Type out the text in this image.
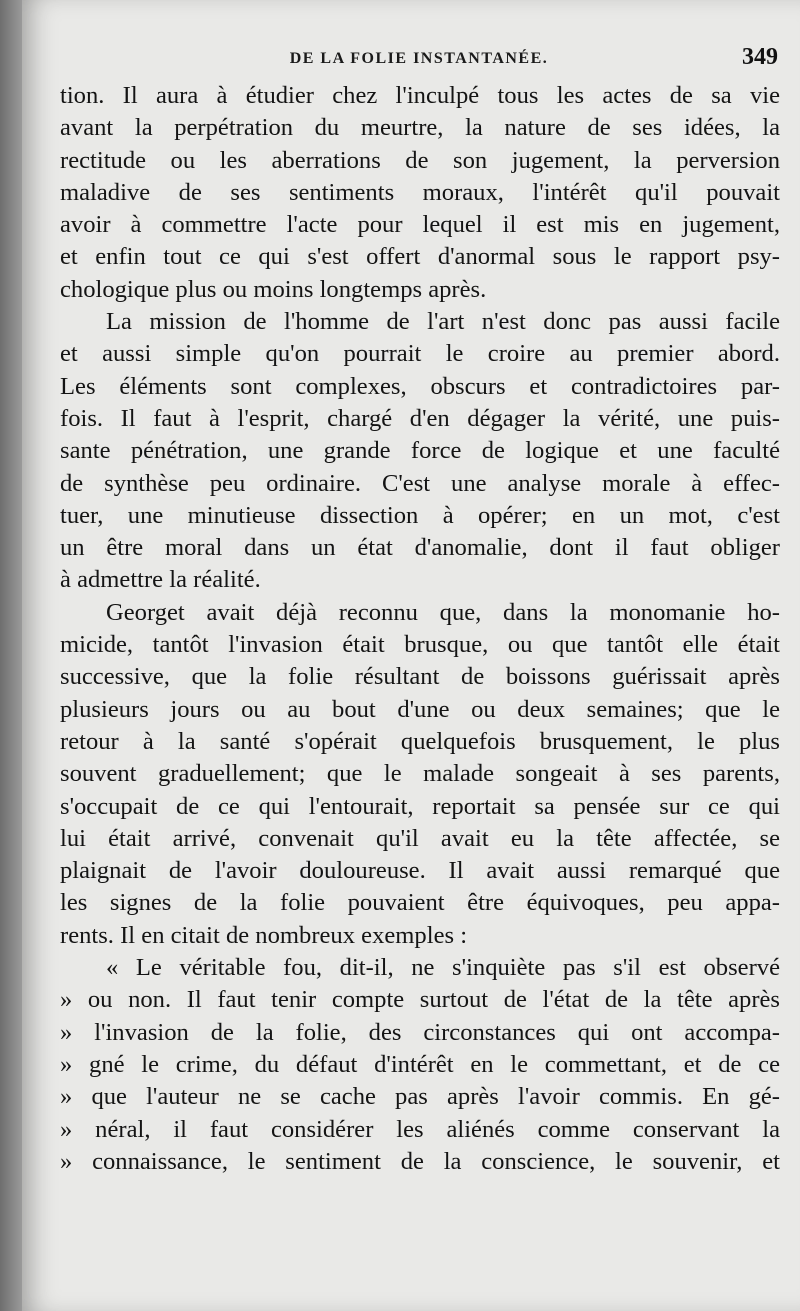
DE LA FOLIE INSTANTANÉE.	349
tion. Il aura à étudier chez l'inculpé tous les actes de sa vie
avant la perpétration du meurtre, la nature de ses idées, la
rectitude ou les aberrations de son jugement, la perversion
maladive de ses sentiments moraux, l'intérêt qu'il pouvait
avoir à commettre l'acte pour lequel il est mis en jugement,
et enfin tout ce qui s'est offert d'anormal sous le rapport psy-
chologique plus ou moins longtemps après.
La mission de l'homme de l'art n'est donc pas aussi facile
et aussi simple qu'on pourrait le croire au premier abord.
Les éléments sont complexes, obscurs et contradictoires par-
fois. Il faut à l'esprit, chargé d'en dégager la vérité, une puis-
sante pénétration, une grande force de logique et une faculté
de synthèse peu ordinaire. C'est une analyse morale à effec-
tuer, une minutieuse dissection à opérer; en un mot, c'est
un être moral dans un état d'anomalie, dont il faut obliger
à admettre la réalité.
Georget avait déjà reconnu que, dans la monomanie ho-
micide, tantôt l'invasion était brusque, ou que tantôt elle était
successive, que la folie résultant de boissons guérissait après
plusieurs jours ou au bout d'une ou deux semaines; que le
retour à la santé s'opérait quelquefois brusquement, le plus
souvent graduellement; que le malade songeait à ses parents,
s'occupait de ce qui l'entourait, reportait sa pensée sur ce qui
lui était arrivé, convenait qu'il avait eu la tête affectée, se
plaignait de l'avoir douloureuse. Il avait aussi remarqué que
les signes de la folie pouvaient être équivoques, peu appa-
rents. Il en citait de nombreux exemples :
« Le véritable fou, dit-il, ne s'inquiète pas s'il est observé
» ou non. Il faut tenir compte surtout de l'état de la tête après
» l'invasion de la folie, des circonstances qui ont accompa-
» gné le crime, du défaut d'intérêt en le commettant, et de ce
» que l'auteur ne se cache pas après l'avoir commis. En gé-
» néral, il faut considérer les aliénés comme conservant la
» connaissance, le sentiment de la conscience, le souvenir, et
